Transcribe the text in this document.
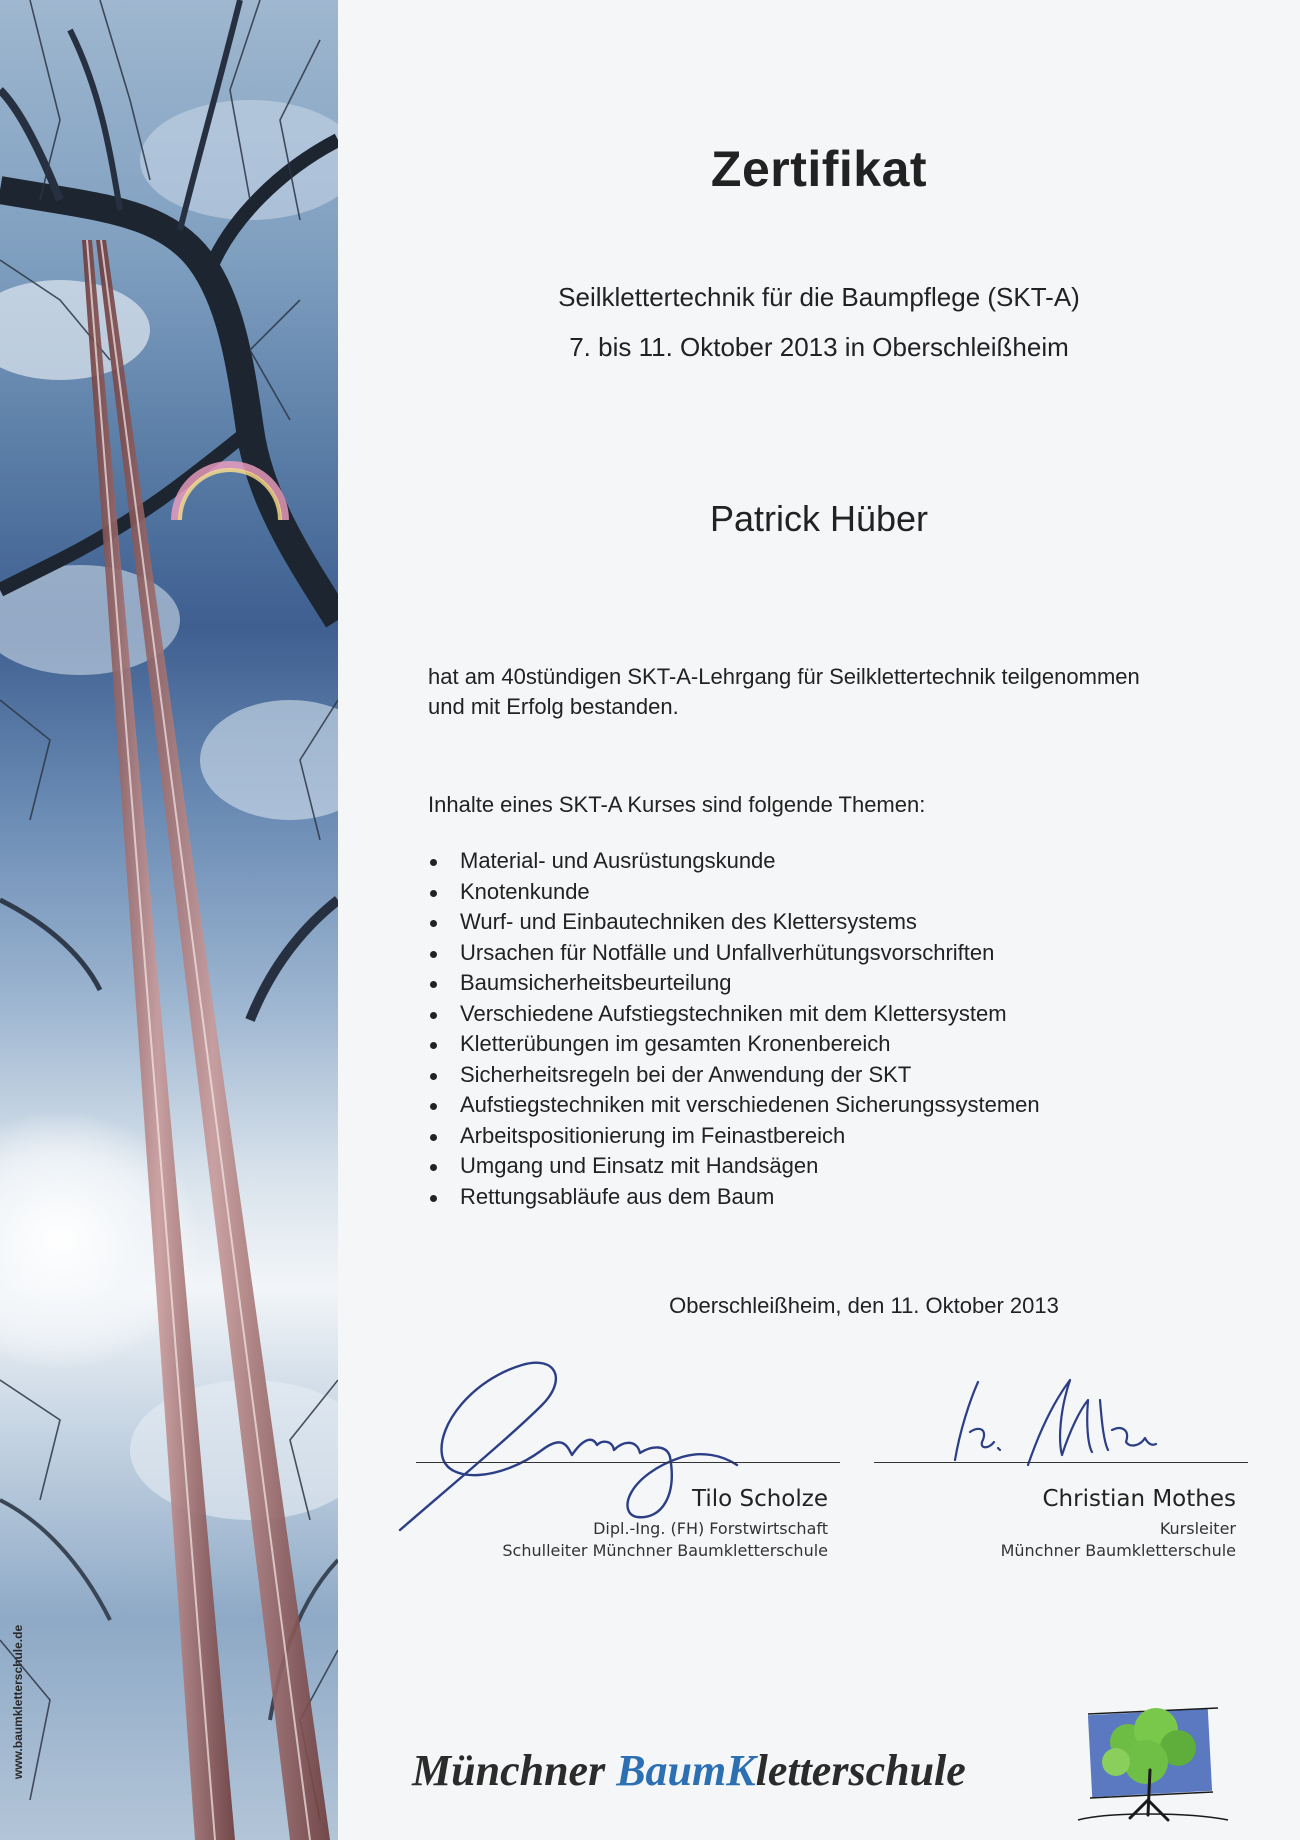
www.baumkletterschule.de
Zertifikat
Seilklettertechnik für die Baumpflege (SKT-A)
7. bis 11. Oktober 2013 in Oberschleißheim
Patrick Hüber
hat am 40stündigen SKT-A-Lehrgang für Seilklettertechnik teilgenommen
und mit Erfolg bestanden.
Inhalte eines SKT-A Kurses sind folgende Themen:
Material- und Ausrüstungskunde
Knotenkunde
Wurf- und Einbautechniken des Klettersystems
Ursachen für Notfälle und Unfallverhütungsvorschriften
Baumsicherheitsbeurteilung
Verschiedene Aufstiegstechniken mit dem Klettersystem
Kletterübungen im gesamten Kronenbereich
Sicherheitsregeln bei der Anwendung der SKT
Aufstiegstechniken mit verschiedenen Sicherungssystemen
Arbeitspositionierung im Feinastbereich
Umgang und Einsatz mit Handsägen
Rettungsabläufe aus dem Baum
Oberschleißheim, den 11. Oktober 2013
Tilo Scholze
Dipl.-Ing. (FH) Forstwirtschaft
Schulleiter Münchner Baumkletterschule
Christian Mothes
Kursleiter
Münchner Baumkletterschule
Münchner BaumKletterschule
